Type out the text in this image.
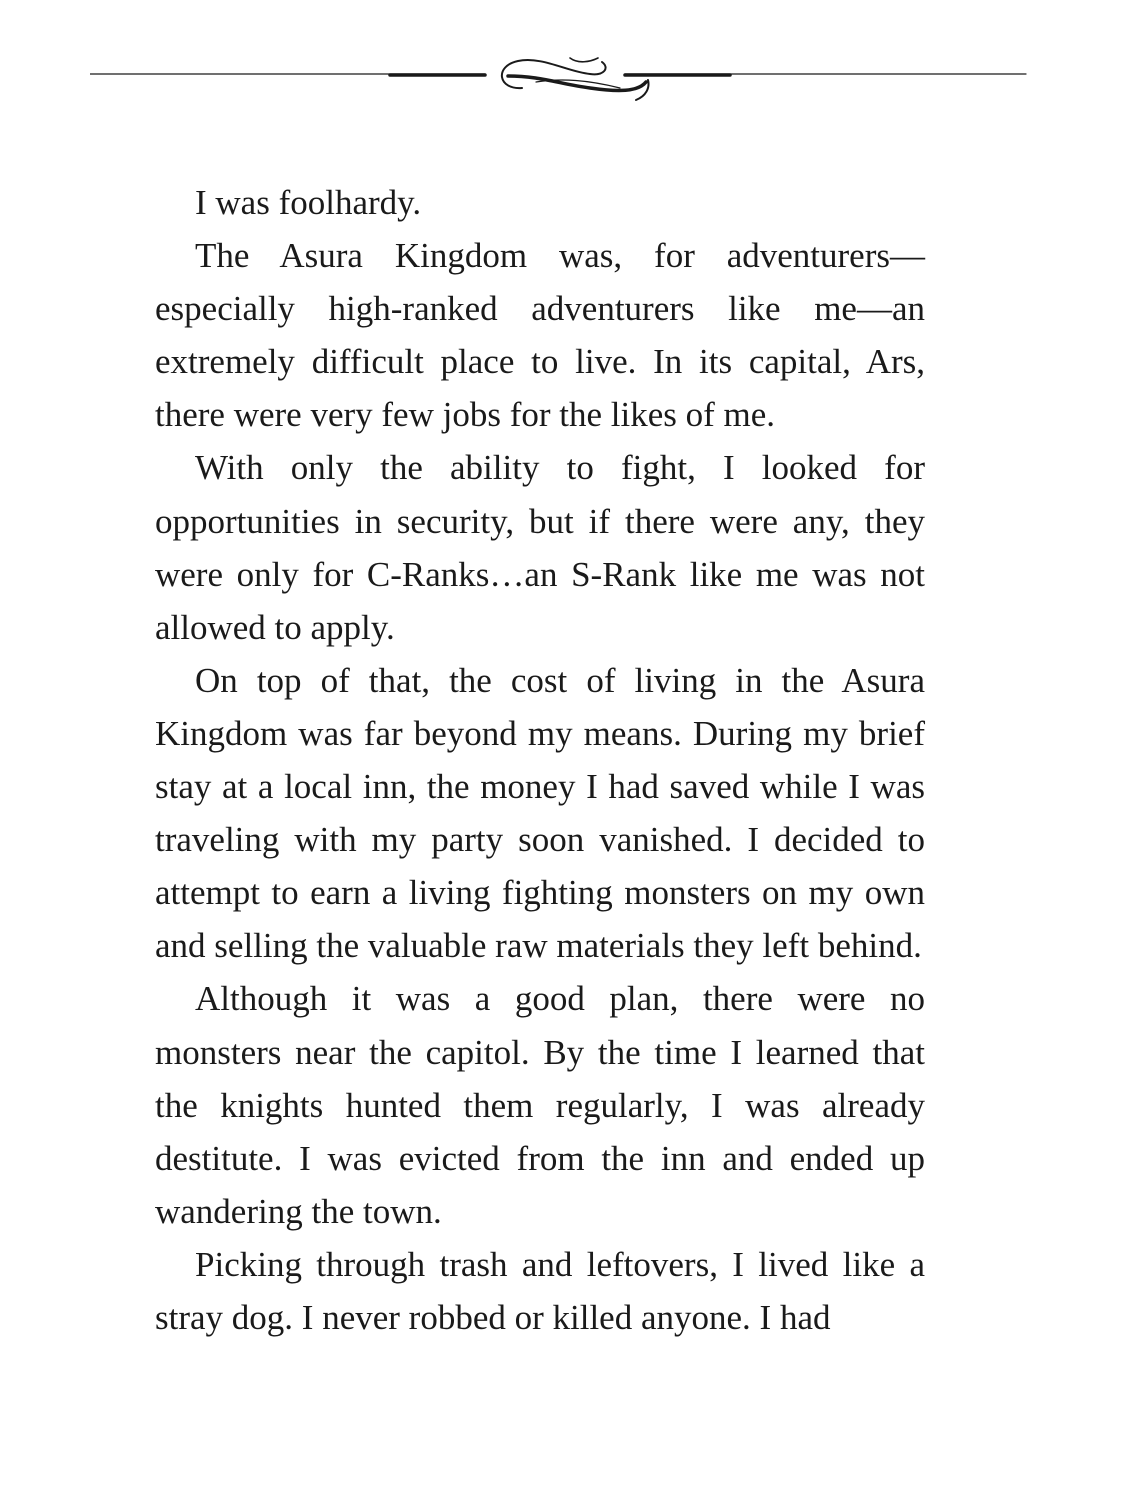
I was foolhardy.

The Asura Kingdom was, for adventurers—especially high-ranked adventurers like me—an extremely difficult place to live. In its capital, Ars, there were very few jobs for the likes of me.

With only the ability to fight, I looked for opportunities in security, but if there were any, they were only for C-Ranks…an S-Rank like me was not allowed to apply.

On top of that, the cost of living in the Asura Kingdom was far beyond my means. During my brief stay at a local inn, the money I had saved while I was traveling with my party soon vanished. I decided to attempt to earn a living fighting monsters on my own and selling the valuable raw materials they left behind.

Although it was a good plan, there were no monsters near the capitol. By the time I learned that the knights hunted them regularly, I was already destitute. I was evicted from the inn and ended up wandering the town.

Picking through trash and leftovers, I lived like a stray dog. I never robbed or killed anyone. I had
